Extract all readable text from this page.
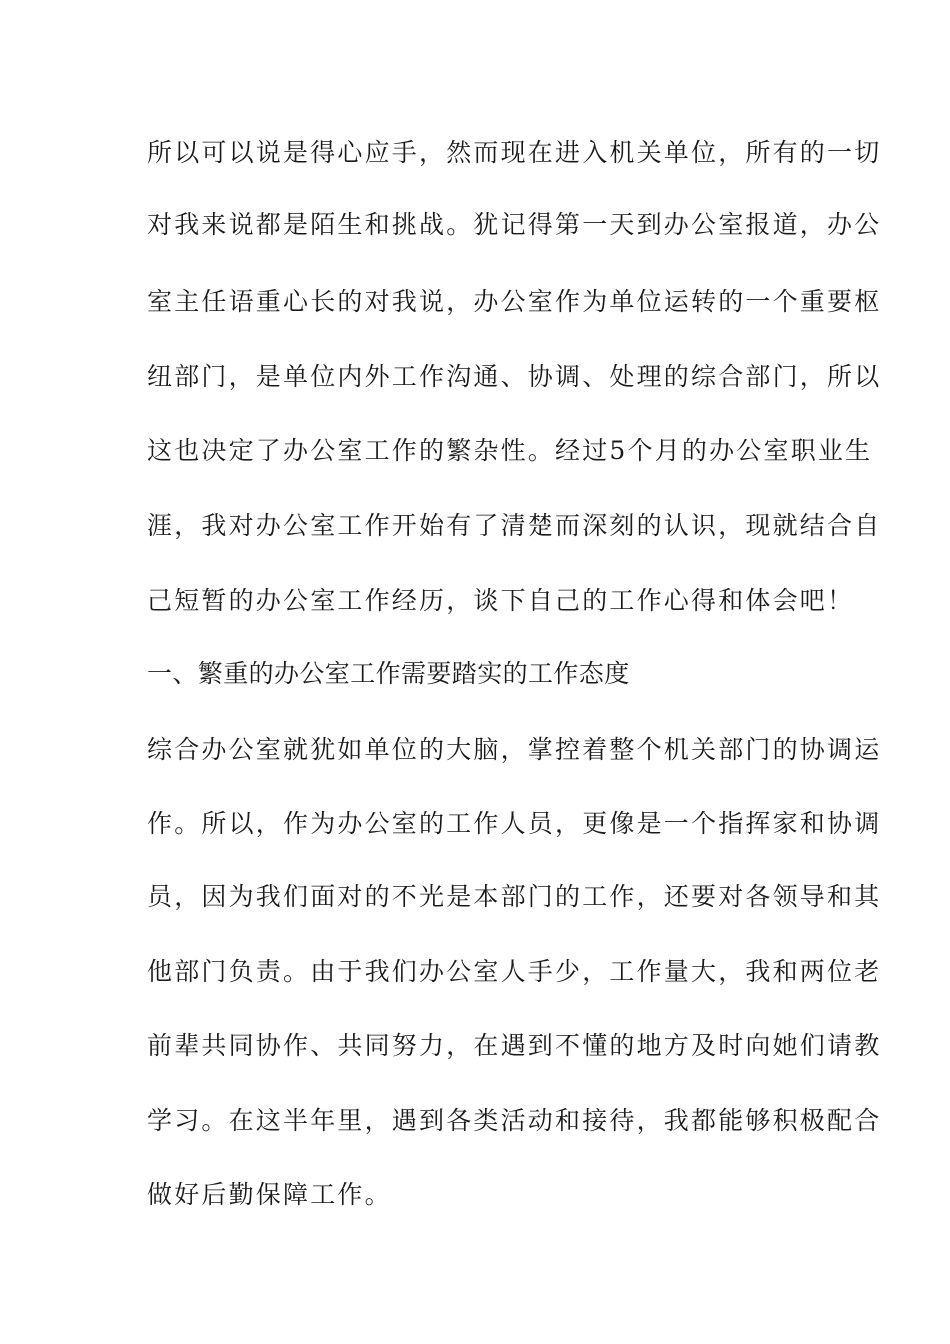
所以可以说是得心应手，然而现在进入机关单位，所有的一切
对我来说都是陌生和挑战。犹记得第一天到办公室报道，办公
室主任语重心长的对我说，办公室作为单位运转的一个重要枢
纽部门，是单位内外工作沟通、协调、处理的综合部门，所以
这也决定了办公室工作的繁杂性。经过5个月的办公室职业生
涯，我对办公室工作开始有了清楚而深刻的认识，现就结合自
己短暂的办公室工作经历，谈下自己的工作心得和体会吧！
一、繁重的办公室工作需要踏实的工作态度
综合办公室就犹如单位的大脑，掌控着整个机关部门的协调运
作。所以，作为办公室的工作人员，更像是一个指挥家和协调
员，因为我们面对的不光是本部门的工作，还要对各领导和其
他部门负责。由于我们办公室人手少，工作量大，我和两位老
前辈共同协作、共同努力，在遇到不懂的地方及时向她们请教
学习。在这半年里，遇到各类活动和接待，我都能够积极配合
做好后勤保障工作。
